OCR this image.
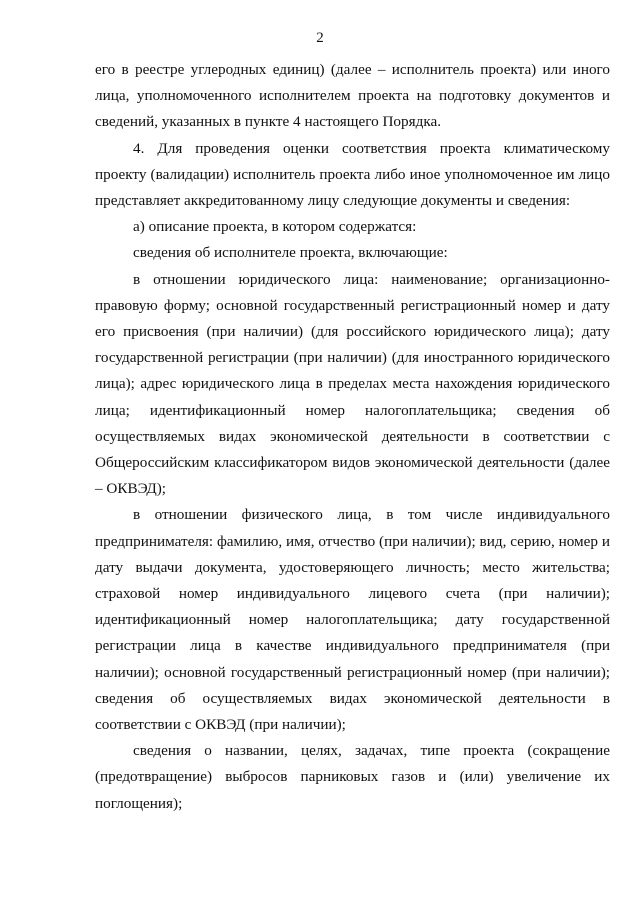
2

его в реестре углеродных единиц) (далее – исполнитель проекта) или иного лица, уполномоченного исполнителем проекта на подготовку документов и сведений, указанных в пункте 4 настоящего Порядка.

4. Для проведения оценки соответствия проекта климатическому проекту (валидации) исполнитель проекта либо иное уполномоченное им лицо представляет аккредитованному лицу следующие документы и сведения:

а) описание проекта, в котором содержатся:

сведения об исполнителе проекта, включающие:

в отношении юридического лица: наименование; организационно-правовую форму; основной государственный регистрационный номер и дату его присвоения (при наличии) (для российского юридического лица); дату государственной регистрации (при наличии) (для иностранного юридического лица); адрес юридического лица в пределах места нахождения юридического лица; идентификационный номер налогоплательщика; сведения об осуществляемых видах экономической деятельности в соответствии с Общероссийским классификатором видов экономической деятельности (далее – ОКВЭД);

в отношении физического лица, в том числе индивидуального предпринимателя: фамилию, имя, отчество (при наличии); вид, серию, номер и дату выдачи документа, удостоверяющего личность; место жительства; страховой номер индивидуального лицевого счета (при наличии); идентификационный номер налогоплательщика; дату государственной регистрации лица в качестве индивидуального предпринимателя (при наличии); основной государственный регистрационный номер (при наличии); сведения об осуществляемых видах экономической деятельности в соответствии с ОКВЭД (при наличии);

сведения о названии, целях, задачах, типе проекта (сокращение (предотвращение) выбросов парниковых газов и (или) увеличение их поглощения);
